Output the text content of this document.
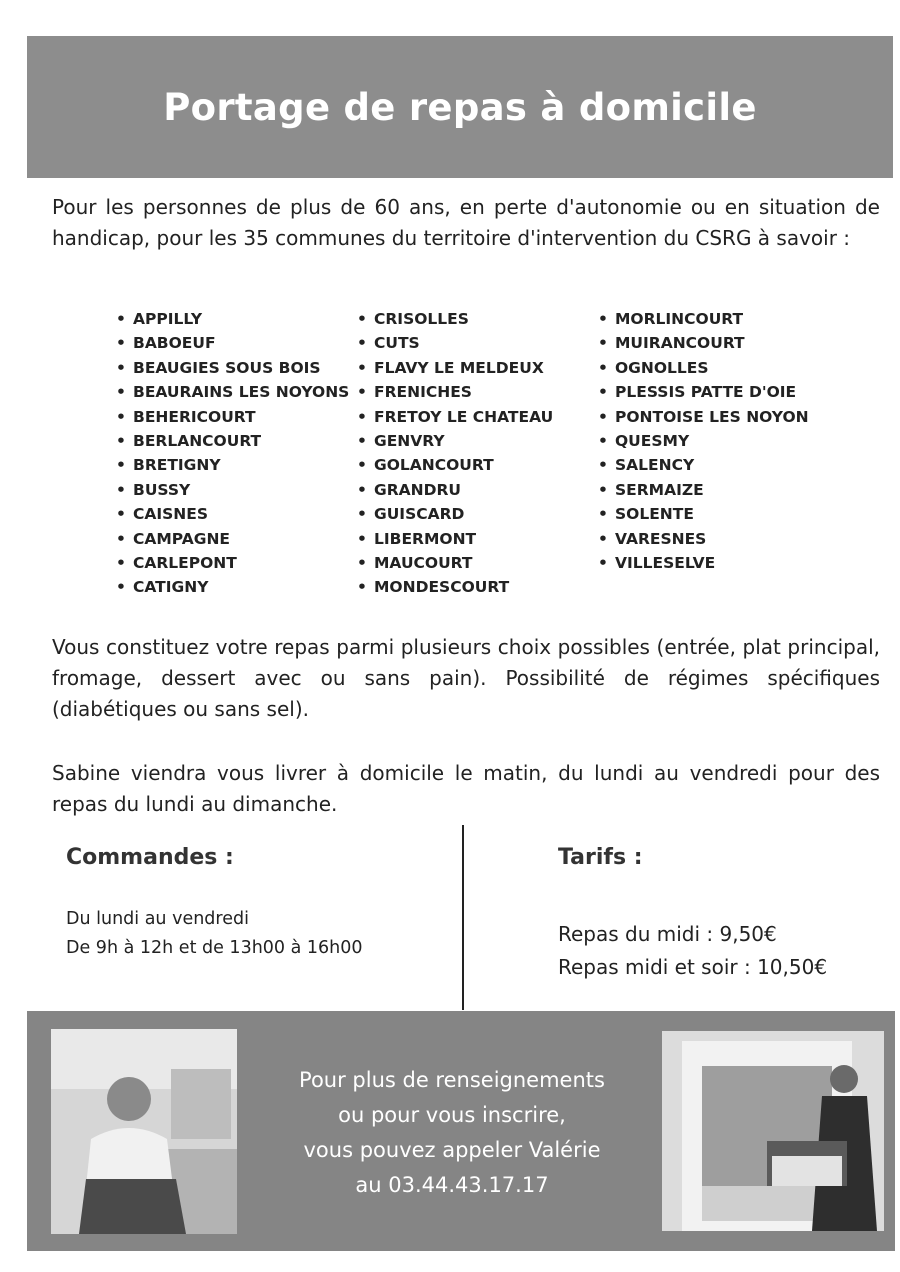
Portage de repas à domicile

Pour les personnes de plus de 60 ans, en perte d'autonomie ou en situation de handicap, pour les 35 communes du territoire d'intervention du CSRG à savoir :

• APPILLY
• BABOEUF
• BEAUGIES SOUS BOIS
• BEAURAINS LES NOYONS
• BEHERICOURT
• BERLANCOURT
• BRETIGNY
• BUSSY
• CAISNES
• CAMPAGNE
• CARLEPONT
• CATIGNY
• CRISOLLES
• CUTS
• FLAVY LE MELDEUX
• FRENICHES
• FRETOY LE CHATEAU
• GENVRY
• GOLANCOURT
• GRANDRU
• GUISCARD
• LIBERMONT
• MAUCOURT
• MONDESCOURT
• MORLINCOURT
• MUIRANCOURT
• OGNOLLES
• PLESSIS PATTE D'OIE
• PONTOISE LES NOYON
• QUESMY
• SALENCY
• SERMAIZE
• SOLENTE
• VARESNES
• VILLESELVE

Vous constituez votre repas parmi plusieurs choix possibles (entrée, plat principal, fromage, dessert avec ou sans pain). Possibilité de régimes spécifiques (diabétiques ou sans sel).

Sabine viendra vous livrer à domicile le matin, du lundi au vendredi pour des repas du lundi au dimanche.

Commandes :
Du lundi au vendredi
De 9h à 12h et de 13h00 à 16h00
Tarifs :
Repas du midi : 9,50€
Repas midi et soir : 10,50€
Pour plus de renseignements
ou pour vous inscrire,
vous pouvez appeler Valérie
au 03.44.43.17.17
